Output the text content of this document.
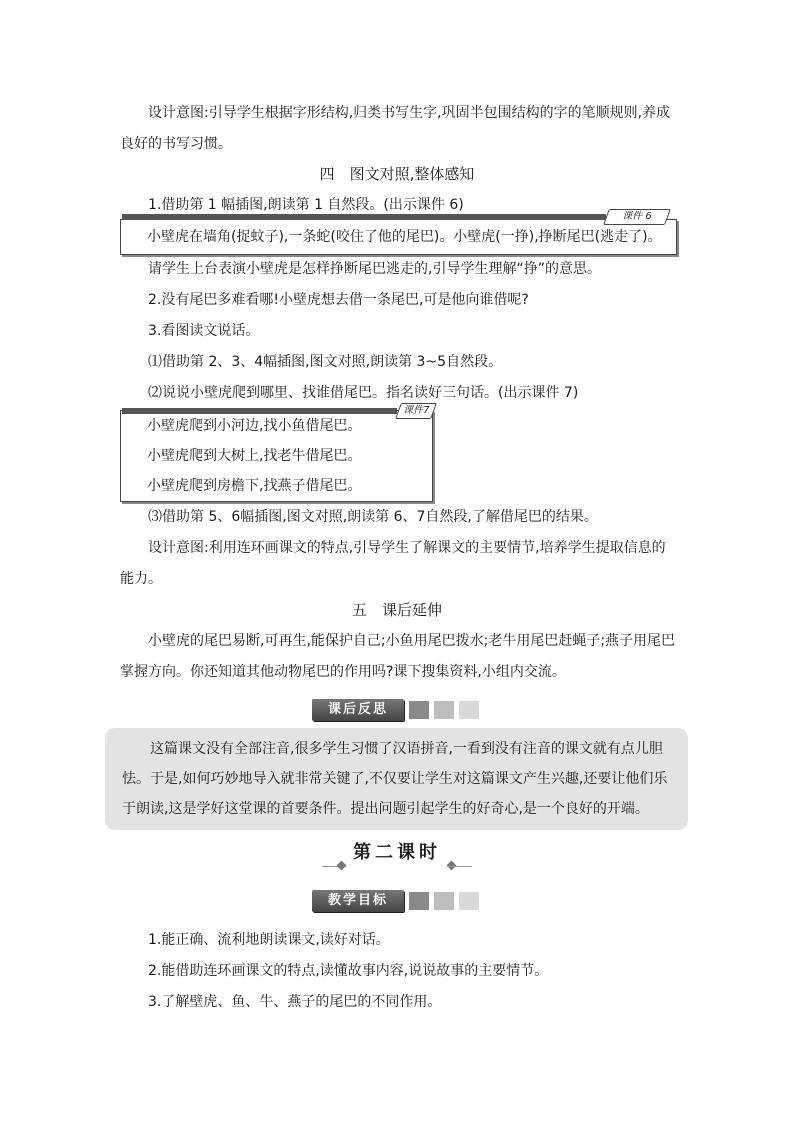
设计意图:引导学生根据字形结构,归类书写生字,巩固半包围结构的字的笔顺规则,养成良好的书写习惯。

四　图文对照,整体感知

1.借助第 1 幅插图,朗读第 1 自然段。(出示课件 6)

小壁虎在墙角(捉蚊子),一条蛇(咬住了他的尾巴)。小壁虎(一挣),挣断尾巴(逃走了)。
课件 6

请学生上台表演小壁虎是怎样挣断尾巴逃走的,引导学生理解“挣”的意思。

2.没有尾巴多难看哪!小壁虎想去借一条尾巴,可是他向谁借呢?

3.看图读文说话。

⑴借助第 2、3、4幅插图,图文对照,朗读第 3~5自然段。

⑵说说小壁虎爬到哪里、找谁借尾巴。指名读好三句话。(出示课件 7)

小壁虎爬到小河边,找小鱼借尾巴。
小壁虎爬到大树上,找老牛借尾巴。
小壁虎爬到房檐下,找燕子借尾巴。
课件7

⑶借助第 5、6幅插图,图文对照,朗读第 6、7自然段,了解借尾巴的结果。

设计意图:利用连环画课文的特点,引导学生了解课文的主要情节,培养学生提取信息的能力。

五　课后延伸

小壁虎的尾巴易断,可再生,能保护自己;小鱼用尾巴拨水;老牛用尾巴赶蝇子;燕子用尾巴掌握方向。你还知道其他动物尾巴的作用吗?课下搜集资料,小组内交流。

课后反思

这篇课文没有全部注音,很多学生习惯了汉语拼音,一看到没有注音的课文就有点儿胆怯。于是,如何巧妙地导入就非常关键了,不仅要让学生对这篇课文产生兴趣,还要让他们乐于朗读,这是学好这堂课的首要条件。提出问题引起学生的好奇心,是一个良好的开端。

第二课时
教学目标

1.能正确、流利地朗读课文,读好对话。

2.能借助连环画课文的特点,读懂故事内容,说说故事的主要情节。

3.了解壁虎、鱼、牛、燕子的尾巴的不同作用。
